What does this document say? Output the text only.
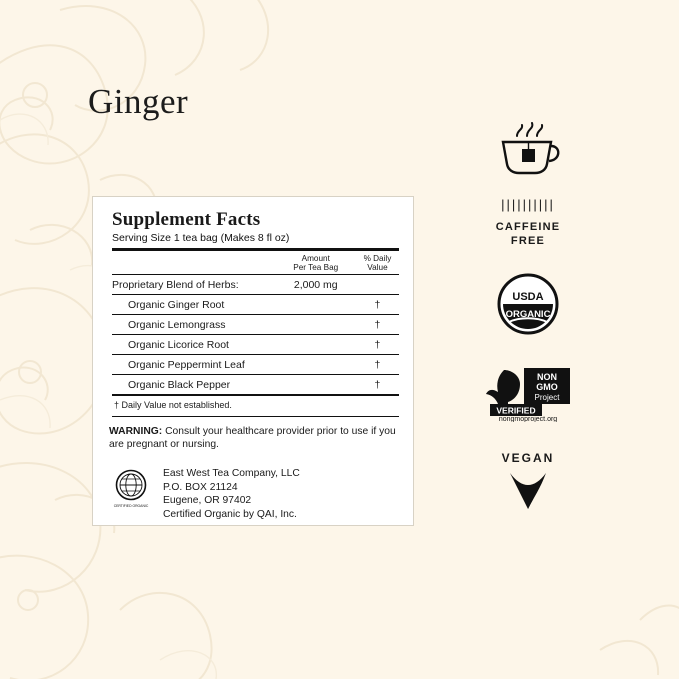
Ginger
Supplement Facts
Serving Size 1 tea bag (Makes 8 fl oz)

Amount
Per Tea Bag

% Daily
Value

Proprietary Blend of Herbs:	2,000 mg	
Organic Ginger Root		†
Organic Lemongrass		†
Organic Licorice Root		†
Organic Peppermint Leaf		†
Organic Black Pepper		†
† Daily Value not established.
WARNING: Consult your healthcare provider prior to use if you are pregnant or nursing.
CERTIFIED ORGANIC
East West Tea Company, LLC
P.O. BOX 21124
Eugene, OR 97402
Certified Organic by QAI, Inc.
||||||||||
CAFFEINE
FREE
USDA
ORGANIC
NON
GMO
Project
VERIFIED
nongmoproject.org
VEGAN
